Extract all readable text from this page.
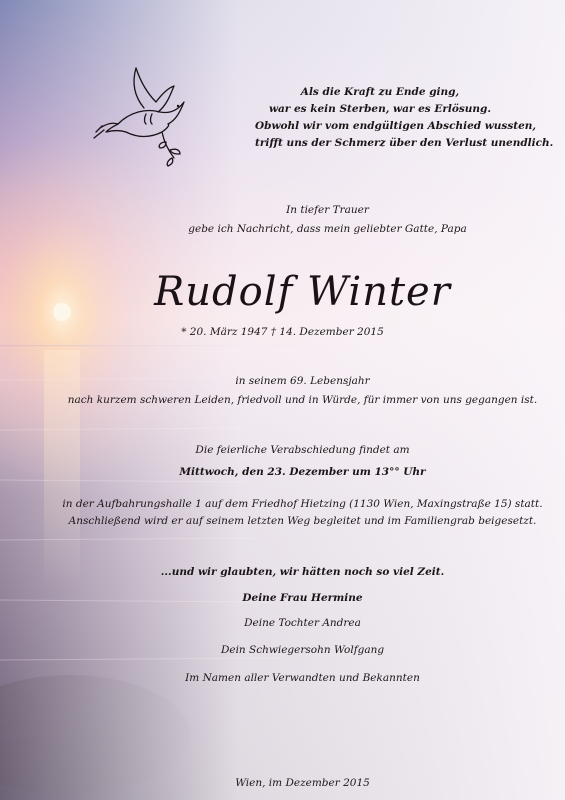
Als die Kraft zu Ende ging,
war es kein Sterben, war es Erlösung.
Obwohl wir vom endgültigen Abschied wussten,
trifft uns der Schmerz über den Verlust unendlich.
In tiefer Trauer
gebe ich Nachricht, dass mein geliebter Gatte, Papa
Rudolf Winter
* 20. März 1947 † 14. Dezember 2015
in seinem 69. Lebensjahr
nach kurzem schweren Leiden, friedvoll und in Würde, für immer von uns gegangen ist.
Die feierliche Verabschiedung findet am
Mittwoch, den 23. Dezember um 13°° Uhr
in der Aufbahrungshalle 1 auf dem Friedhof Hietzing (1130 Wien, Maxingstraße 15) statt.
Anschließend wird er auf seinem letzten Weg begleitet und im Familiengrab beigesetzt.
...und wir glaubten, wir hätten noch so viel Zeit.
Deine Frau Hermine
Deine Tochter Andrea
Dein Schwiegersohn Wolfgang
Im Namen aller Verwandten und Bekannten
Wien, im Dezember 2015
